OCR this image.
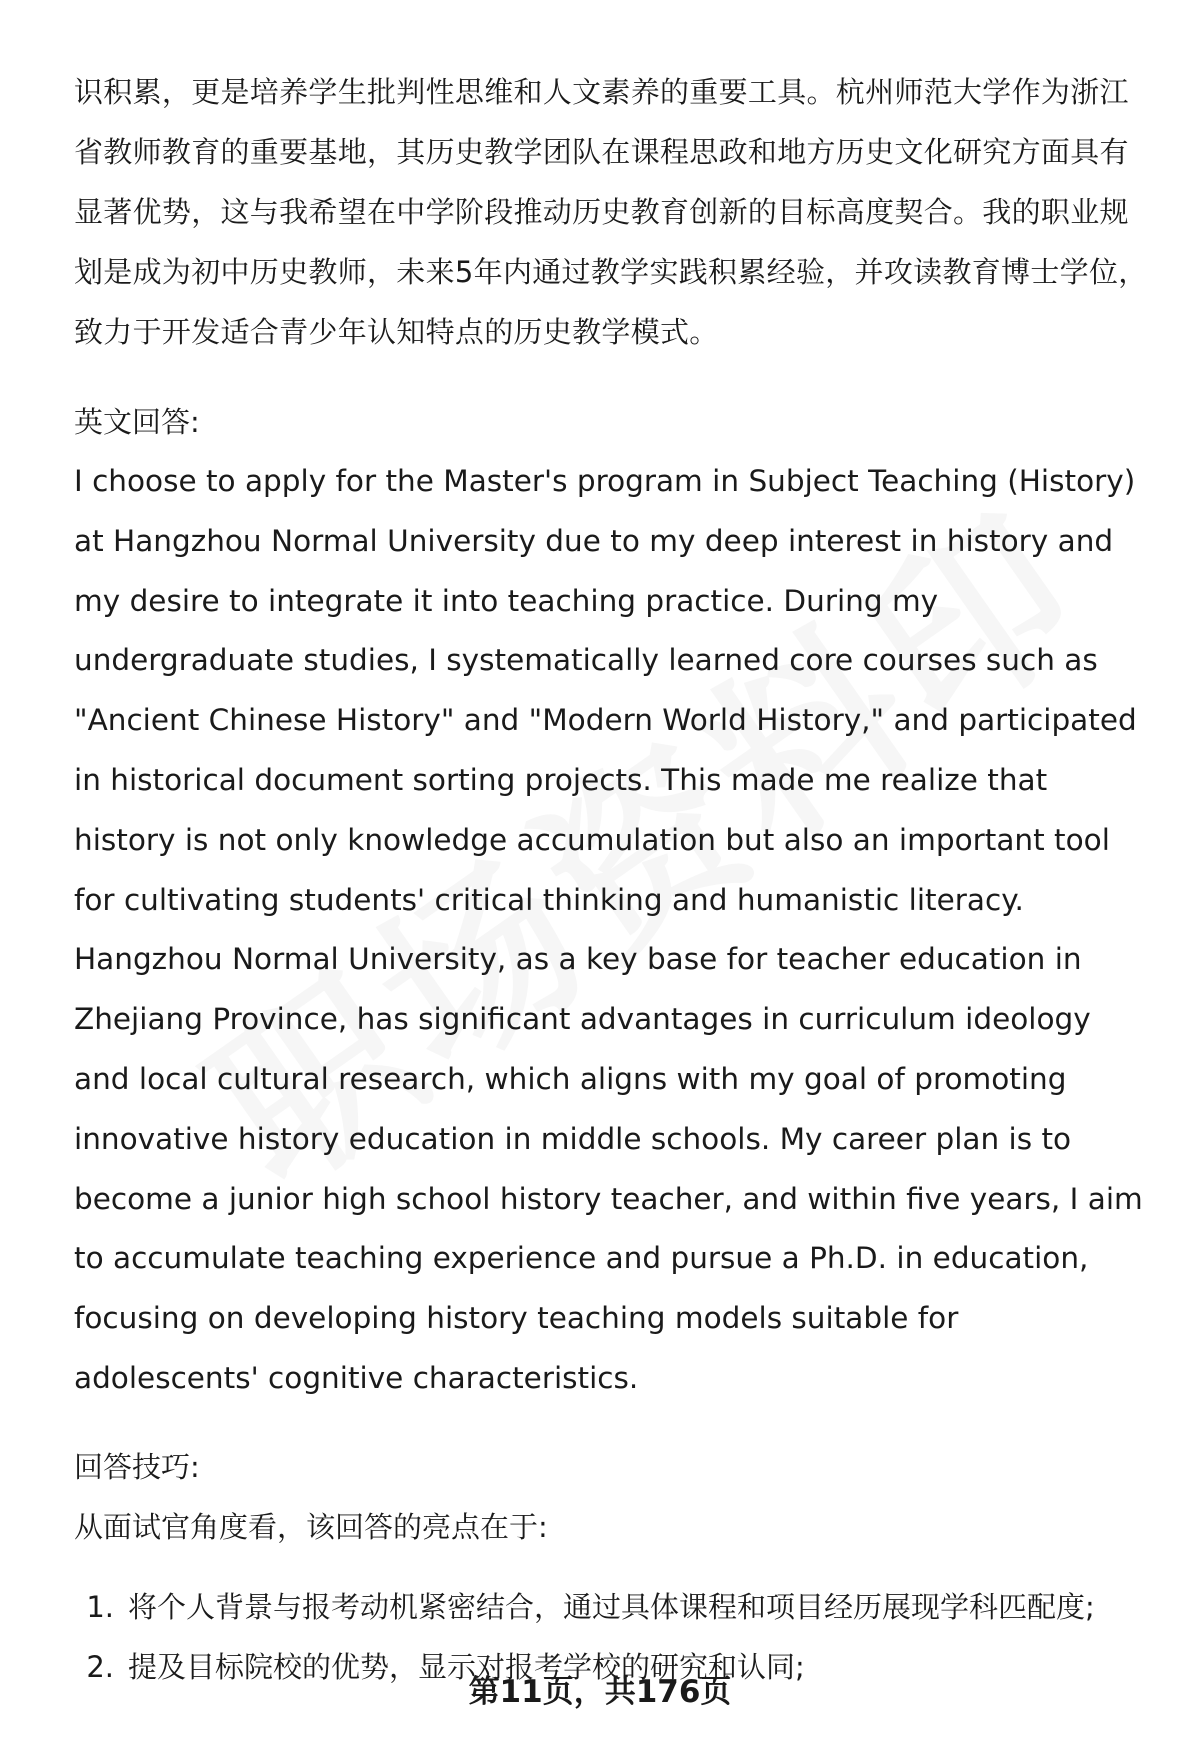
识积累，更是培养学生批判性思维和人文素养的重要工具。杭州师范大学作为浙江省教师教育的重要基地，其历史教学团队在课程思政和地方历史文化研究方面具有显著优势，这与我希望在中学阶段推动历史教育创新的目标高度契合。我的职业规划是成为初中历史教师，未来5年内通过教学实践积累经验，并攻读教育博士学位，致力于开发适合青少年认知特点的历史教学模式。

英文回答:

I choose to apply for the Master's program in Subject Teaching (History) at Hangzhou Normal University due to my deep interest in history and my desire to integrate it into teaching practice. During my undergraduate studies, I systematically learned core courses such as "Ancient Chinese History" and "Modern World History," and participated in historical document sorting projects. This made me realize that history is not only knowledge accumulation but also an important tool for cultivating students' critical thinking and humanistic literacy. Hangzhou Normal University, as a key base for teacher education in Zhejiang Province, has significant advantages in curriculum ideology and local cultural research, which aligns with my goal of promoting innovative history education in middle schools. My career plan is to become a junior high school history teacher, and within five years, I aim to accumulate teaching experience and pursue a Ph.D. in education, focusing on developing history teaching models suitable for adolescents' cognitive characteristics.

回答技巧:

从面试官角度看，该回答的亮点在于:

1. 将个人背景与报考动机紧密结合，通过具体课程和项目经历展现学科匹配度;
2. 提及目标院校的优势，显示对报考学校的研究和认同;
第11页，共176页
